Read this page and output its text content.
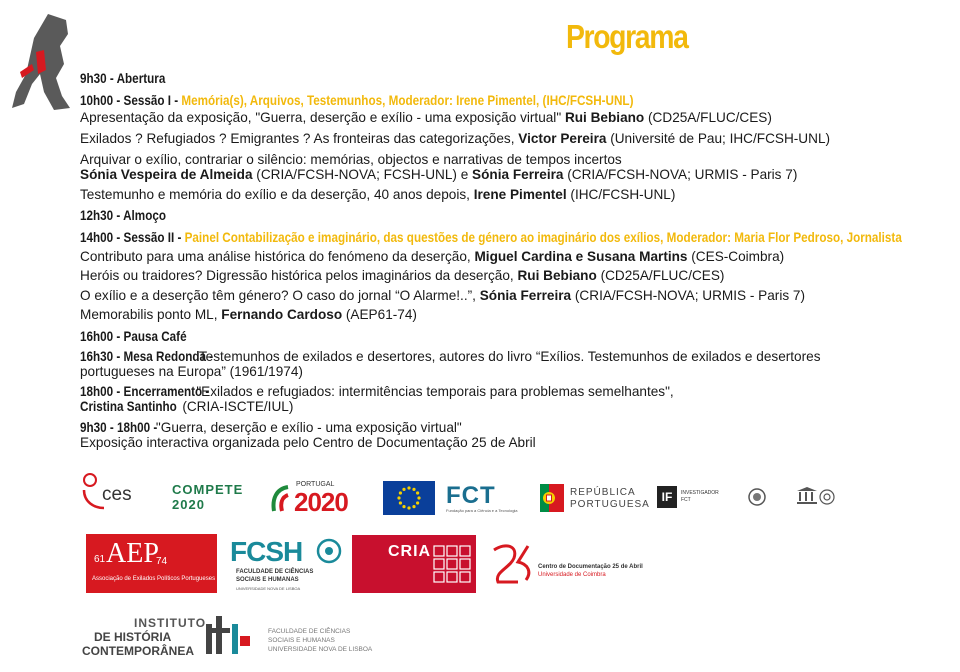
Programa
9h30 - Abertura
10h00 - Sessão I - Memória(s), Arquivos, Testemunhos, Moderador: Irene Pimentel, (IHC/FCSH-UNL)
Apresentação da exposição, "Guerra, deserção e exílio - uma exposição virtual" Rui Bebiano (CD25A/FLUC/CES)
Exilados ? Refugiados ? Emigrantes ? As fronteiras das categorizações, Victor Pereira (Université de Pau; IHC/FCSH-UNL)
Arquivar o exílio, contrariar o silêncio: memórias, objectos e narrativas de tempos incertos
Sónia Vespeira de Almeida (CRIA/FCSH-NOVA; FCSH-UNL) e Sónia Ferreira (CRIA/FCSH-NOVA; URMIS - Paris 7)
Testemunho e memória do exílio e da deserção, 40 anos depois, Irene Pimentel (IHC/FCSH-UNL)
12h30 - Almoço
14h00 - Sessão II - Painel Contabilização e imaginário, das questões de género ao imaginário dos exílios, Moderador: Maria Flor Pedroso, Jornalista
Contributo para uma análise histórica do fenómeno da deserção, Miguel Cardina e Susana Martins (CES-Coimbra)
Heróis ou traidores? Digressão histórica pelos imaginários da deserção, Rui Bebiano (CD25A/FLUC/CES)
O exílio e a deserção têm género? O caso do jornal “O Alarme!..”, Sónia Ferreira (CRIA/FCSH-NOVA; URMIS - Paris 7)
Memorabilis ponto ML, Fernando Cardoso (AEP61-74)
16h00 - Pausa Café
16h30 - Mesa Redonda -Testemunhos de exilados e desertores, autores do livro “Exílios. Testemunhos de exilados e desertores
portugueses na Europa” (1961/1974)
18h00 - Encerramento -"Exilados e refugiados: intermitências temporais para problemas semelhantes",
Cristina Santinho (CRIA-ISCTE/IUL)
9h30 - 18h00 -"Guerra, deserção e exílio - uma exposição virtual"
Exposição interactiva organizada pelo Centro de Documentação 25 de Abril
ces	COMPETE 2020
PORTUGAL
2020	FCT
Fundação para a Ciência e a Tecnologia
REPÚBLICA
PORTUGUESA
IF	INVESTIGADOR
FCT
61 AEP
74
Associação de Exilados Políticos Portugueses
FCSH
FACULDADE DE CIÊNCIAS
SOCIAIS E HUMANAS
UNIVERSIDADE NOVA DE LISBOA
CRIA
Centro de Documentação 25 de Abril
Universidade de Coimbra
INSTITUTO
DE HISTÓRIA
CONTEMPORÂNEA
FACULDADE DE CIÊNCIAS
SOCIAIS E HUMANAS
UNIVERSIDADE NOVA DE LISBOA
